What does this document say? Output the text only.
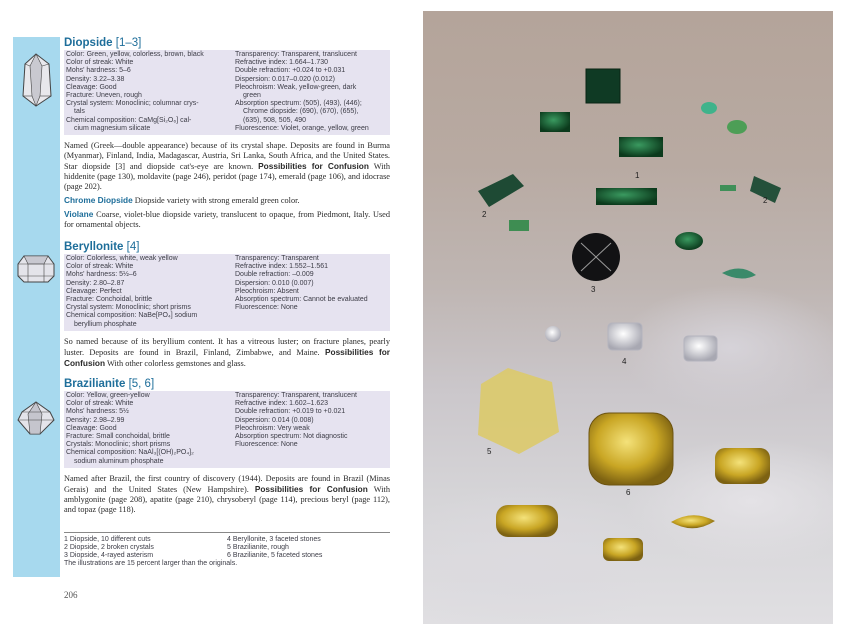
Diopside [1–3]
Color: Green, yellow, colorless, brown, black
Color of streak: White
Mohs' hardness: 5–6
Density: 3.22–3.38
Cleavage: Good
Fracture: Uneven, rough
Crystal system: Monoclinic; columnar crys-
tals
Chemical composition: CaMg[Si₂O₆] cal-
cium magnesium silicate
Transparency: Transparent, translucent
Refractive index: 1.664–1.730
Double refraction: +0.024 to +0.031
Dispersion: 0.017–0.020 (0.012)
Pleochroism: Weak, yellow-green, dark
green
Absorption spectrum: (505), (493), (446);
Chrome diopside: (690), (670), (655),
(635), 508, 505, 490
Fluorescence: Violet, orange, yellow, green
Named (Greek—double appearance) because of its crystal shape. Deposits are found in Burma (Myanmar), Finland, India, Madagascar, Austria, Sri Lanka, South Africa, and the United States. Star diopside [3] and diopside cat's-eye are known. Possibilities for Confusion With hiddenite (page 130), moldavite (page 246), peridot (page 174), emerald (page 106), and idocrase (page 202).
Chrome Diopside Diopside variety with strong emerald green color.
Violane Coarse, violet-blue diopside variety, translucent to opaque, from Piedmont, Italy. Used for ornamental objects.
Beryllonite [4]
Color: Colorless, white, weak yellow
Color of streak: White
Mohs' hardness: 5½–6
Density: 2.80–2.87
Cleavage: Perfect
Fracture: Conchoidal, brittle
Crystal system: Monoclinic; short prisms
Chemical composition: NaBe[PO₄] sodium
beryllium phosphate
Transparency: Transparent
Refractive index: 1.552–1.561
Double refraction: –0.009
Dispersion: 0.010 (0.007)
Pleochroism: Absent
Absorption spectrum: Cannot be evaluated
Fluorescence: None
So named because of its beryllium content. It has a vitreous luster; on fracture planes, pearly luster. Deposits are found in Brazil, Finland, Zimbabwe, and Maine. Possibilities for Confusion With other colorless gemstones and glass.
Brazilianite [5, 6]
Color: Yellow, green-yellow
Color of streak: White
Mohs' hardness: 5½
Density: 2.98–2.99
Cleavage: Good
Fracture: Small conchoidal, brittle
Crystals: Monoclinic; short prisms
Chemical composition: NaAl₃[(OH)₂PO₄]₂
sodium aluminum phosphate
Transparency: Transparent, translucent
Refractive index: 1.602–1.623
Double refraction: +0.019 to +0.021
Dispersion: 0.014 (0.008)
Pleochroism: Very weak
Absorption spectrum: Not diagnostic
Fluorescence: None
Named after Brazil, the first country of discovery (1944). Deposits are found in Brazil (Minas Gerais) and the United States (New Hampshire). Possibilities for Confusion With amblygonite (page 208), apatite (page 210), chrysoberyl (page 114), precious beryl (page 112), and topaz (page 118).
1 Diopside, 10 different cuts
2 Diopside, 2 broken crystals
3 Diopside, 4-rayed asterism
4 Beryllonite, 3 faceted stones
5 Brazilianite, rough
6 Brazilianite, 5 faceted stones
The illustrations are 15 percent larger than the originals.
206
1
2
2
3
4
5
6
